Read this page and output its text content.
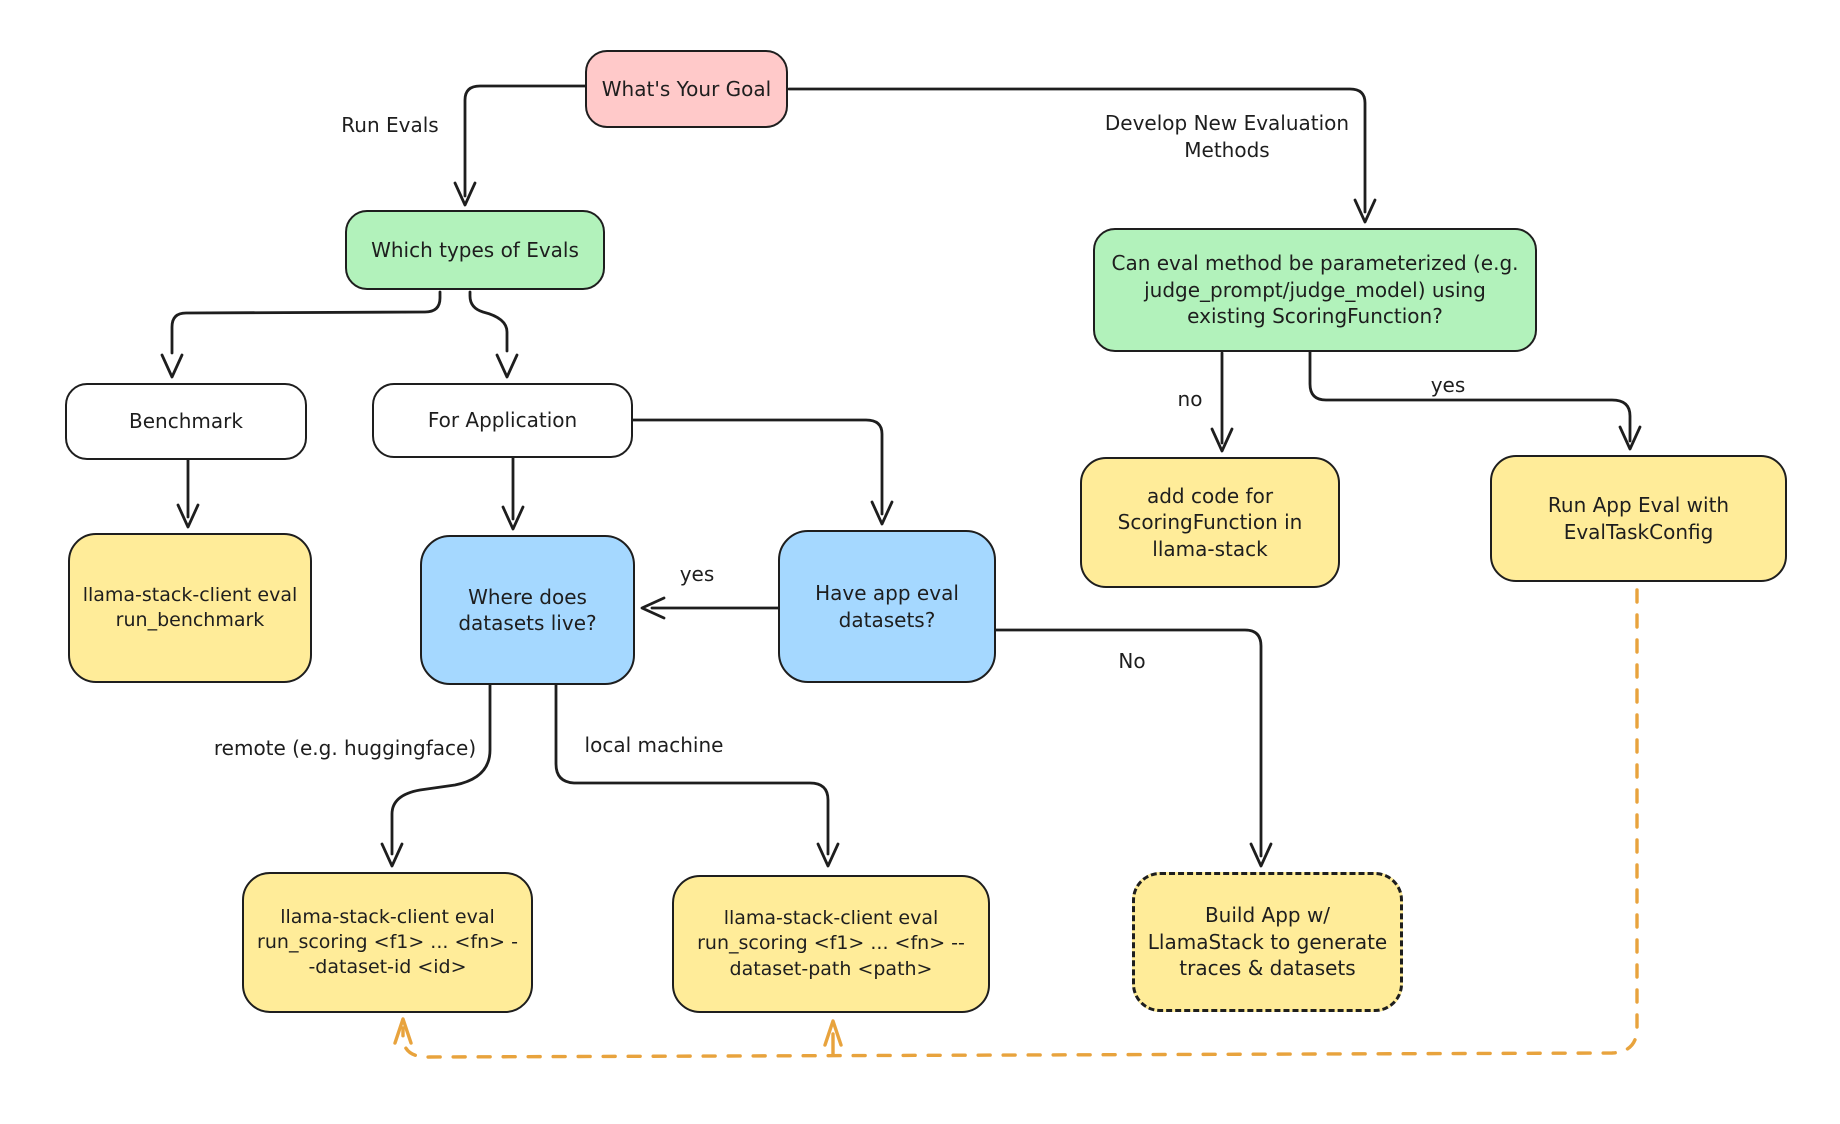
What's Your Goal
Which types of Evals
Can eval method be parameterized (e.g. judge_prompt/judge_model) using existing ScoringFunction?
Benchmark	For Application
llama-stack-client eval run_benchmark
Where does datasets live?
Have app eval datasets?
add code for ScoringFunction in llama-stack
Run App Eval with EvalTaskConfig
llama-stack-client eval run_scoring <f1> ... <fn> --dataset-id <id>
llama-stack-client eval run_scoring <f1> ... <fn> --dataset-path <path>
Build App w/ LlamaStack to generate traces & datasets
Run Evals	Develop New Evaluation Methods
no
yes
yes
No
remote (e.g. huggingface)	local machine
